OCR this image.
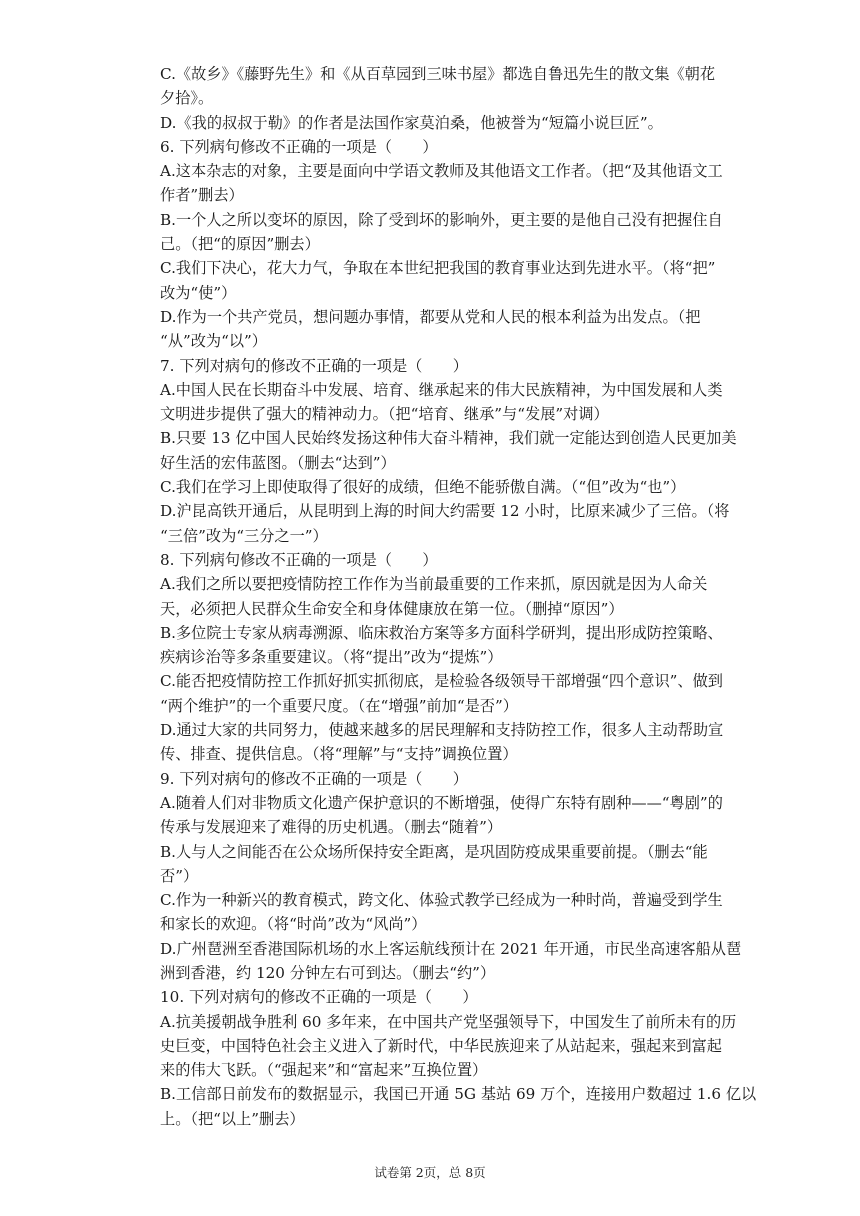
C.《故乡》《藤野先生》和《从百草园到三味书屋》都选自鲁迅先生的散文集《朝花
夕拾》。
D.《我的叔叔于勒》的作者是法国作家莫泊桑，他被誉为“短篇小说巨匠”。
6. 下列病句修改不正确的一项是（　　）
A.这本杂志的对象，主要是面向中学语文教师及其他语文工作者。（把“及其他语文工
作者”删去）
B.一个人之所以变坏的原因，除了受到坏的影响外，更主要的是他自己没有把握住自
己。（把“的原因”删去）
C.我们下决心，花大力气，争取在本世纪把我国的教育事业达到先进水平。（将“把”
改为“使”）
D.作为一个共产党员，想问题办事情，都要从党和人民的根本利益为出发点。（把
“从”改为“以”）
7. 下列对病句的修改不正确的一项是（　　）
A.中国人民在长期奋斗中发展、培育、继承起来的伟大民族精神，为中国发展和人类
文明进步提供了强大的精神动力。（把“培育、继承”与“发展”对调）
B.只要 13 亿中国人民始终发扬这种伟大奋斗精神，我们就一定能达到创造人民更加美
好生活的宏伟蓝图。（删去“达到”）
C.我们在学习上即使取得了很好的成绩，但绝不能骄傲自满。（“但”改为“也”）
D.沪昆高铁开通后，从昆明到上海的时间大约需要 12 小时，比原来减少了三倍。（将
“三倍”改为“三分之一”）
8. 下列病句修改不正确的一项是（　　）
A.我们之所以要把疫情防控工作作为当前最重要的工作来抓，原因就是因为人命关
天，必须把人民群众生命安全和身体健康放在第一位。（删掉“原因”）
B.多位院士专家从病毒溯源、临床救治方案等多方面科学研判，提出形成防控策略、
疾病诊治等多条重要建议。（将“提出”改为“提炼”）
C.能否把疫情防控工作抓好抓实抓彻底，是检验各级领导干部增强“四个意识”、做到
“两个维护”的一个重要尺度。（在“增强”前加“是否”）
D.通过大家的共同努力，使越来越多的居民理解和支持防控工作，很多人主动帮助宣
传、排查、提供信息。（将“理解”与“支持”调换位置）
9. 下列对病句的修改不正确的一项是（　　）
A.随着人们对非物质文化遗产保护意识的不断增强，使得广东特有剧种——“粤剧”的
传承与发展迎来了难得的历史机遇。（删去“随着”）
B.人与人之间能否在公众场所保持安全距离，是巩固防疫成果重要前提。（删去“能
否”）
C.作为一种新兴的教育模式，跨文化、体验式教学已经成为一种时尚，普遍受到学生
和家长的欢迎。（将“时尚”改为“风尚”）
D.广州琶洲至香港国际机场的水上客运航线预计在 2021 年开通，市民坐高速客船从琶
洲到香港，约 120 分钟左右可到达。（删去“约”）
10. 下列对病句的修改不正确的一项是（　　）
A.抗美援朝战争胜利 60 多年来，在中国共产党坚强领导下，中国发生了前所未有的历
史巨变，中国特色社会主义进入了新时代，中华民族迎来了从站起来，强起来到富起
来的伟大飞跃。（“强起来”和“富起来”互换位置）
B.工信部日前发布的数据显示，我国已开通 5G 基站 69 万个，连接用户数超过 1.6 亿以
上。（把“以上”删去）
试卷第 2页，总 8页
